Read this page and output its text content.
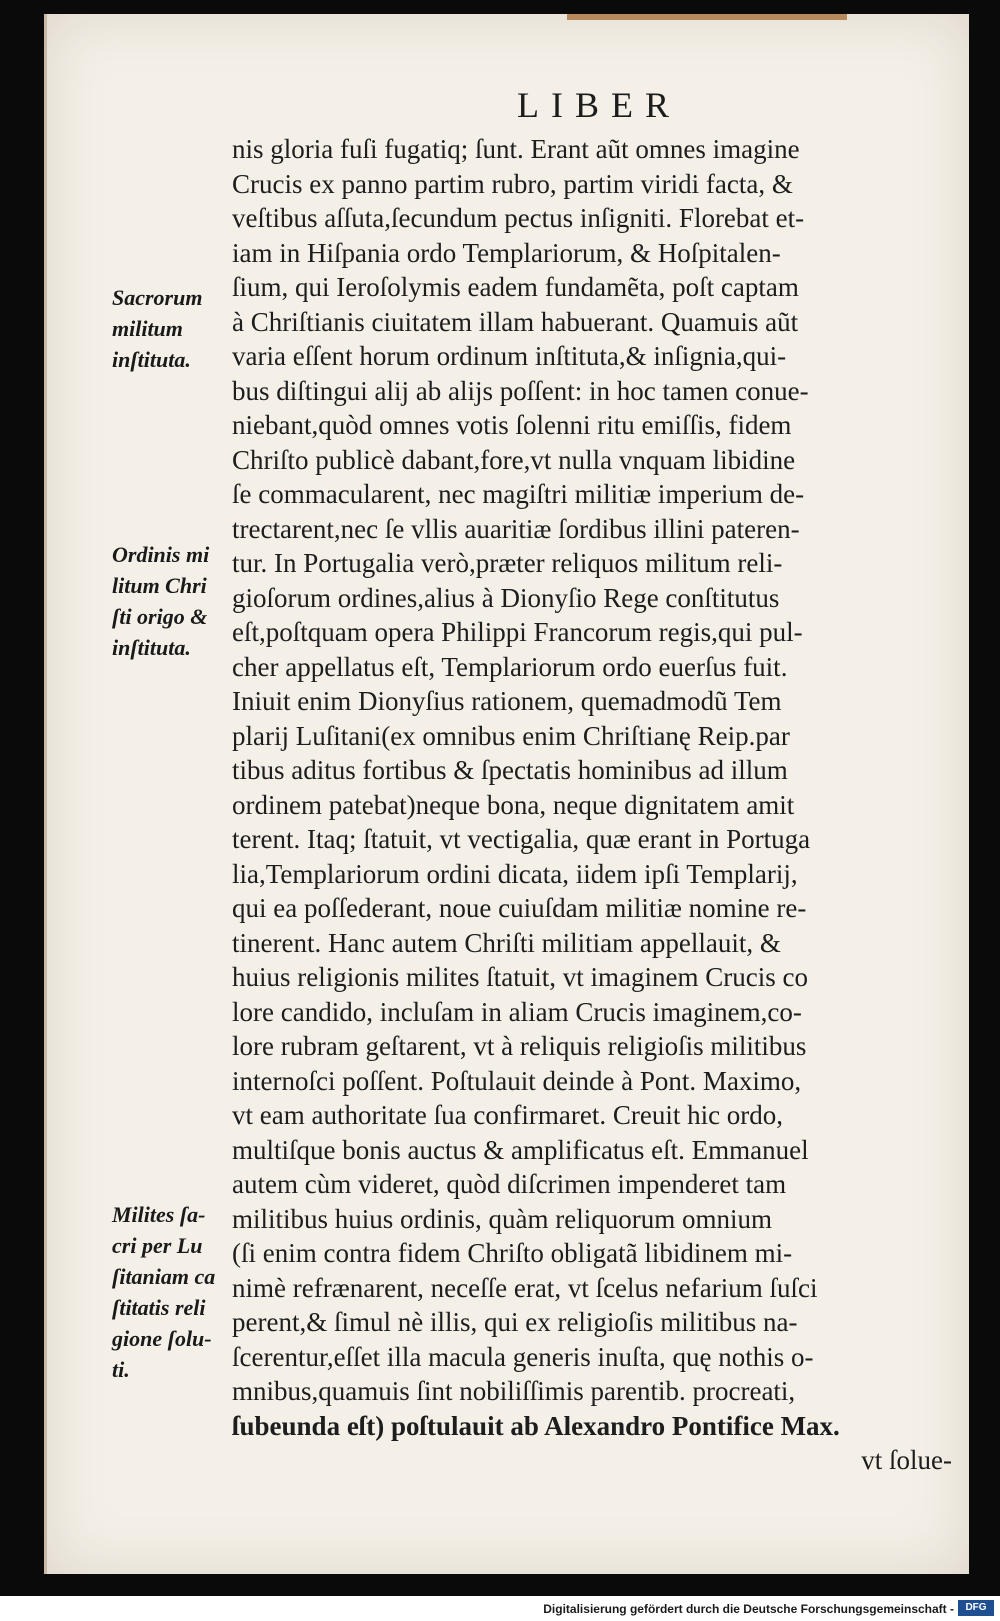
LIBER
Sacrorum
militum
inſtituta.
Ordinis mi
litum Chri
ſti origo &
inſtituta.
Milites ſa-
cri per Lu
ſitaniam ca
ſtitatis reli
gione ſolu-
ti.
nis gloria fuſi fugatiq; ſunt. Erant aũt omnes imagine
Crucis ex panno partim rubro, partim viridi facta, &
veſtibus aſſuta,ſecundum pectus inſigniti. Florebat et-
iam in Hiſpania ordo Templariorum, & Hoſpitalen-
ſium, qui Ieroſolymis eadem fundamẽta, poſt captam
à Chriſtianis ciuitatem illam habuerant. Quamuis aũt
varia eſſent horum ordinum inſtituta,& inſignia,qui-
bus diſtingui alij ab alijs poſſent: in hoc tamen conue-
niebant,quòd omnes votis ſolenni ritu emiſſis, fidem
Chriſto publicè dabant,fore,vt nulla vnquam libidine
ſe commacularent, nec magiſtri militiæ imperium de-
trectarent,nec ſe vllis auaritiæ ſordibus illini pateren-
tur. In Portugalia verò,præter reliquos militum reli-
gioſorum ordines,alius à Dionyſio Rege conſtitutus
eſt,poſtquam opera Philippi Francorum regis,qui pul-
cher appellatus eſt, Templariorum ordo euerſus fuit.
Iniuit enim Dionyſius rationem, quemadmodũ Tem
plarij Luſitani(ex omnibus enim Chriſtianę Reip.par
tibus aditus fortibus & ſpectatis hominibus ad illum
ordinem patebat)neque bona, neque dignitatem amit
terent. Itaq; ſtatuit, vt vectigalia, quæ erant in Portuga
lia,Templariorum ordini dicata, iidem ipſi Templarij,
qui ea poſſederant, noue cuiuſdam militiæ nomine re-
tinerent. Hanc autem Chriſti militiam appellauit, &
huius religionis milites ſtatuit, vt imaginem Crucis co
lore candido, incluſam in aliam Crucis imaginem,co-
lore rubram geſtarent, vt à reliquis religioſis militibus
internoſci poſſent. Poſtulauit deinde à Pont. Maximo,
vt eam authoritate ſua confirmaret. Creuit hic ordo,
multiſque bonis auctus & amplificatus eſt. Emmanuel
autem cùm videret, quòd diſcrimen impenderet tam
militibus huius ordinis, quàm reliquorum omnium
(ſi enim contra fidem Chriſto obligatã libidinem mi-
nimè refrænarent, neceſſe erat, vt ſcelus nefarium ſuſci
perent,& ſimul nè illis, qui ex religioſis militibus na-
ſcerentur,eſſet illa macula generis inuſta, quę nothis o-
mnibus,quamuis ſint nobiliſſimis parentib. procreati,
ſubeunda eſt) poſtulauit ab Alexandro Pontifice Max.
vt ſolue-
Digitalisierung gefördert durch die Deutsche Forschungsgemeinschaft -	DFG
